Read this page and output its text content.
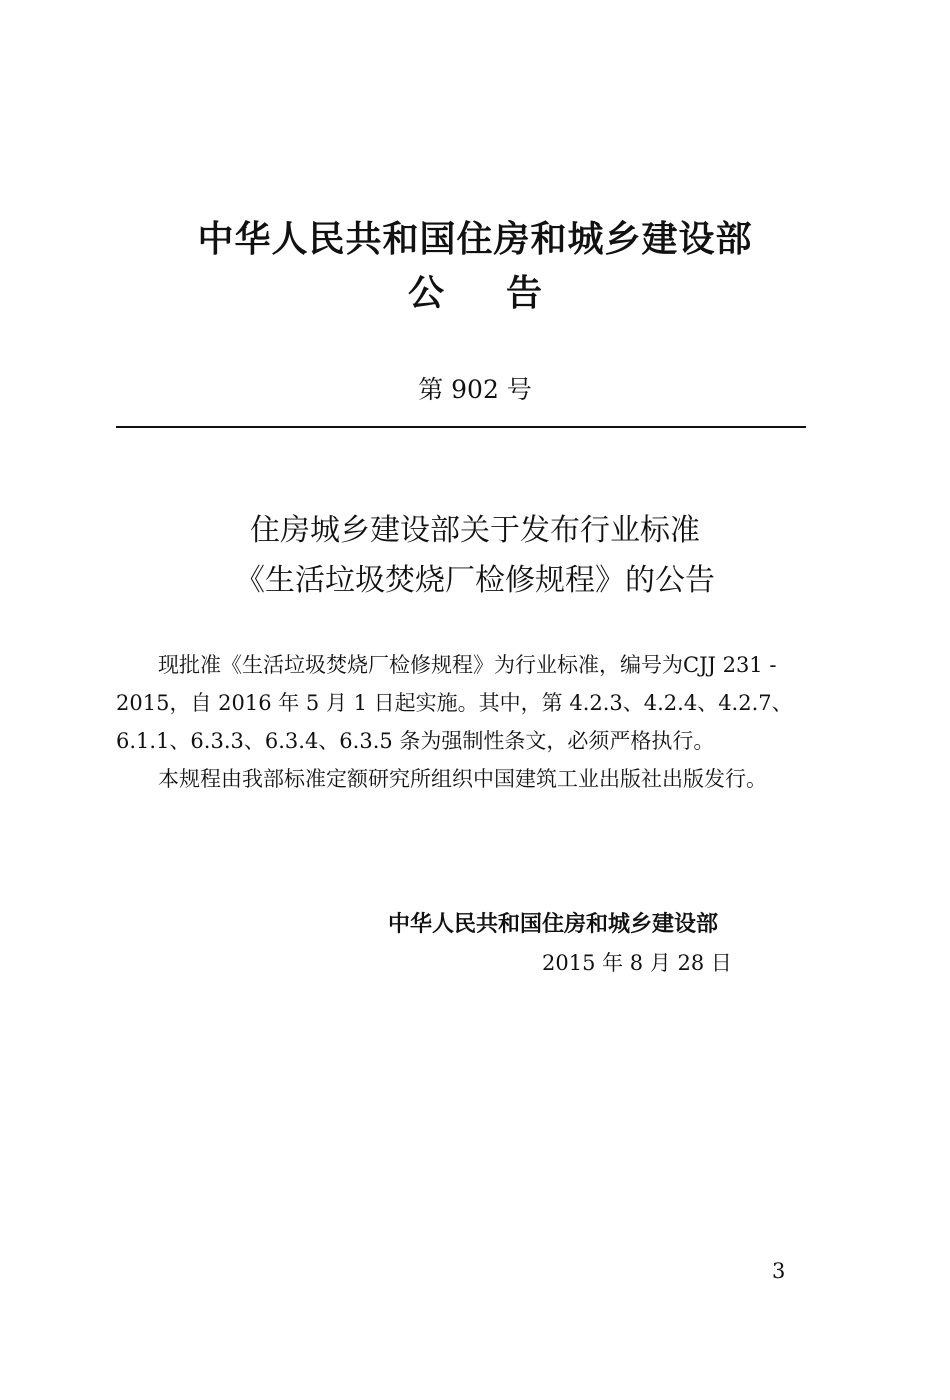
中华人民共和国住房和城乡建设部
公 告
第 902 号
住房城乡建设部关于发布行业标准
《生活垃圾焚烧厂检修规程》的公告

现批准《生活垃圾焚烧厂检修规程》为行业标准，编号为CJJ 231 - 2015，自 2016 年 5 月 1 日起实施。其中，第 4.2.3、4.2.4、4.2.7、6.1.1、6.3.3、6.3.4、6.3.5 条为强制性条文，必须严格执行。

本规程由我部标准定额研究所组织中国建筑工业出版社出版发行。

中华人民共和国住房和城乡建设部
2015 年 8 月 28 日
3
